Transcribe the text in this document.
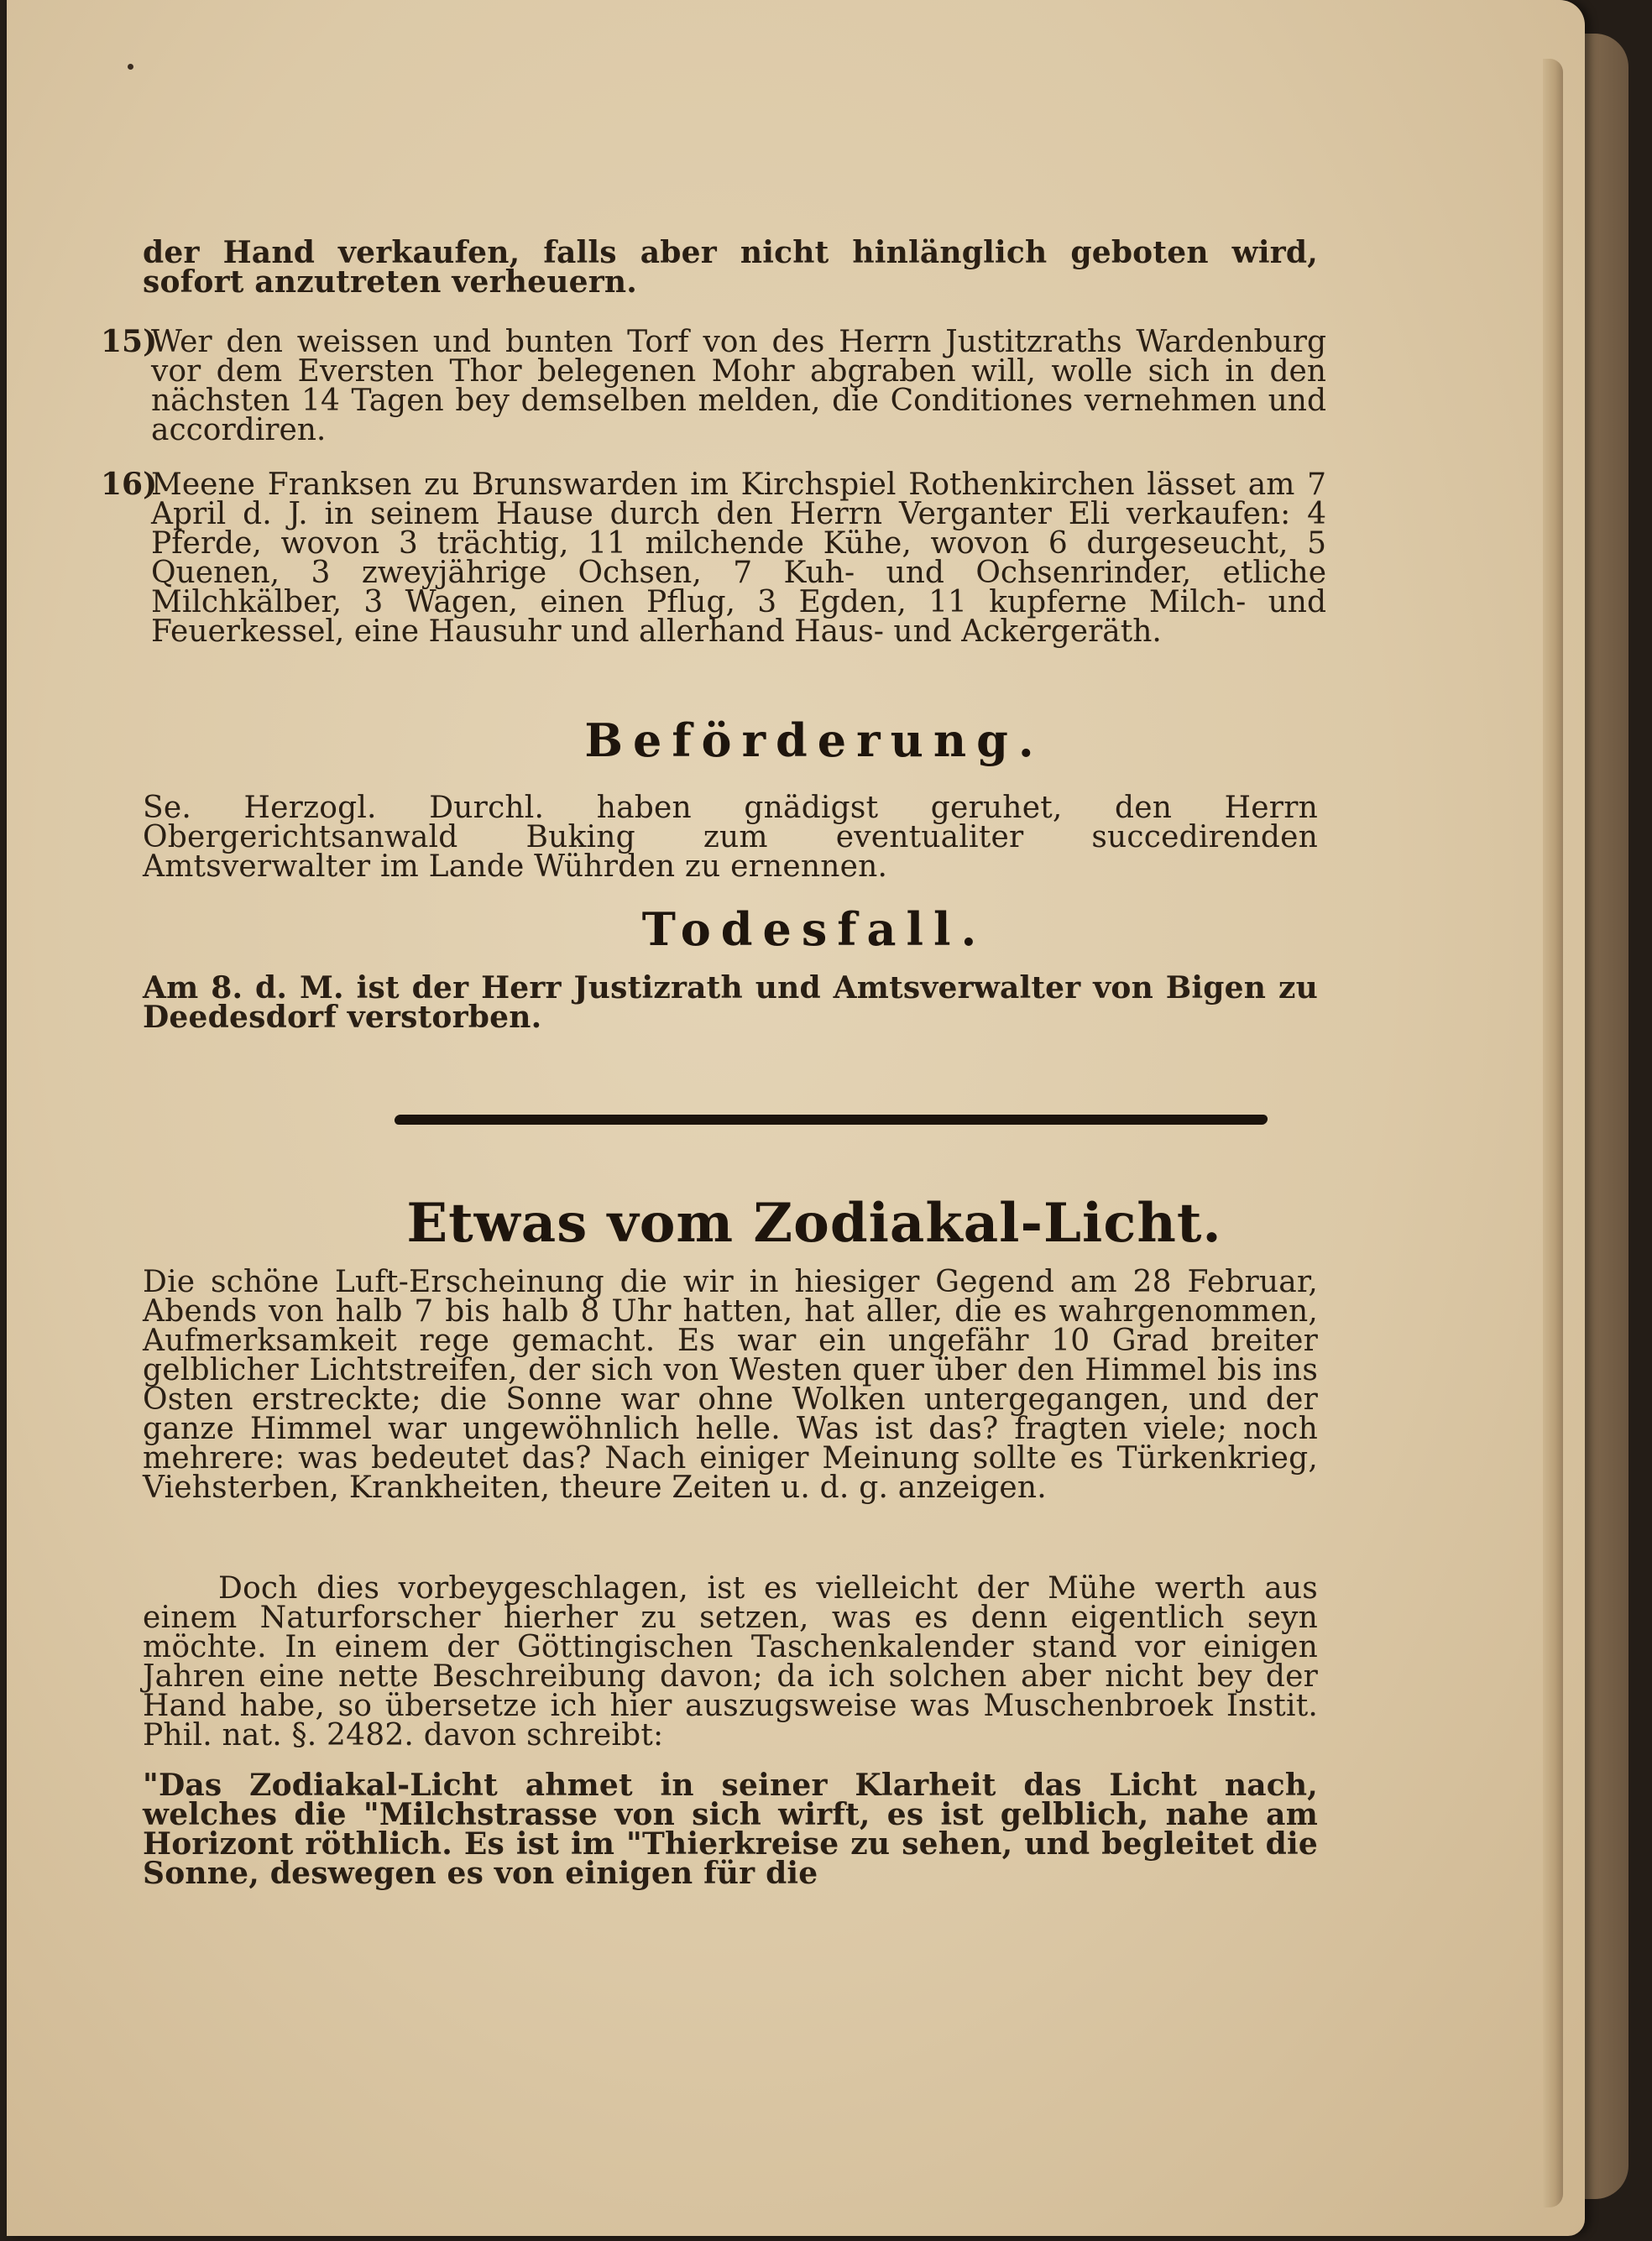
der Hand verkaufen, falls aber nicht hinlänglich geboten wird, sofort anzutreten verheuern.
15)
Wer den weissen und bunten Torf von des Herrn Justitzraths Wardenburg vor dem Eversten Thor belegenen Mohr abgraben will, wolle sich in den nächsten 14 Tagen bey demselben melden, die Conditiones vernehmen und accordiren.
16)
Meene Franksen zu Brunswarden im Kirchspiel Rothenkirchen lässet am 7 April d. J. in seinem Hause durch den Herrn Verganter Eli verkaufen: 4 Pferde, wovon 3 trächtig, 11 milchende Kühe, wovon 6 durgeseucht, 5 Quenen, 3 zweyjährige Ochsen, 7 Kuh- und Ochsenrinder, etliche Milchkälber, 3 Wagen, einen Pflug, 3 Egden, 11 kupferne Milch- und Feuerkessel, eine Hausuhr und allerhand Haus- und Ackergeräth.
Beförderung.
Se. Herzogl. Durchl. haben gnädigst geruhet, den Herrn Obergerichtsanwald Buking zum eventualiter succedirenden Amtsverwalter im Lande Wührden zu ernennen.
Todesfall.
Am 8. d. M. ist der Herr Justizrath und Amtsverwalter von Bigen zu Deedesdorf verstorben.
Etwas vom Zodiakal-Licht.
Die schöne Luft-Erscheinung die wir in hiesiger Gegend am 28 Februar, Abends von halb 7 bis halb 8 Uhr hatten, hat aller, die es wahrgenommen, Aufmerksamkeit rege gemacht. Es war ein ungefähr 10 Grad breiter gelblicher Lichtstreifen, der sich von Westen quer über den Himmel bis ins Osten erstreckte; die Sonne war ohne Wolken untergegangen, und der ganze Himmel war ungewöhnlich helle. Was ist das? fragten viele; noch mehrere: was bedeutet das? Nach einiger Meinung sollte es Türkenkrieg, Viehsterben, Krankheiten, theure Zeiten u. d. g. anzeigen.
Doch dies vorbeygeschlagen, ist es vielleicht der Mühe werth aus einem Naturforscher hierher zu setzen, was es denn eigentlich seyn möchte. In einem der Göttingischen Taschenkalender stand vor einigen Jahren eine nette Beschreibung davon; da ich solchen aber nicht bey der Hand habe, so übersetze ich hier auszugsweise was Muschenbroek Instit. Phil. nat. §. 2482. davon schreibt:
"Das Zodiakal-Licht ahmet in seiner Klarheit das Licht nach, welches die "Milchstrasse von sich wirft, es ist gelblich, nahe am Horizont röthlich. Es ist im "Thierkreise zu sehen, und begleitet die Sonne, deswegen es von einigen für die
